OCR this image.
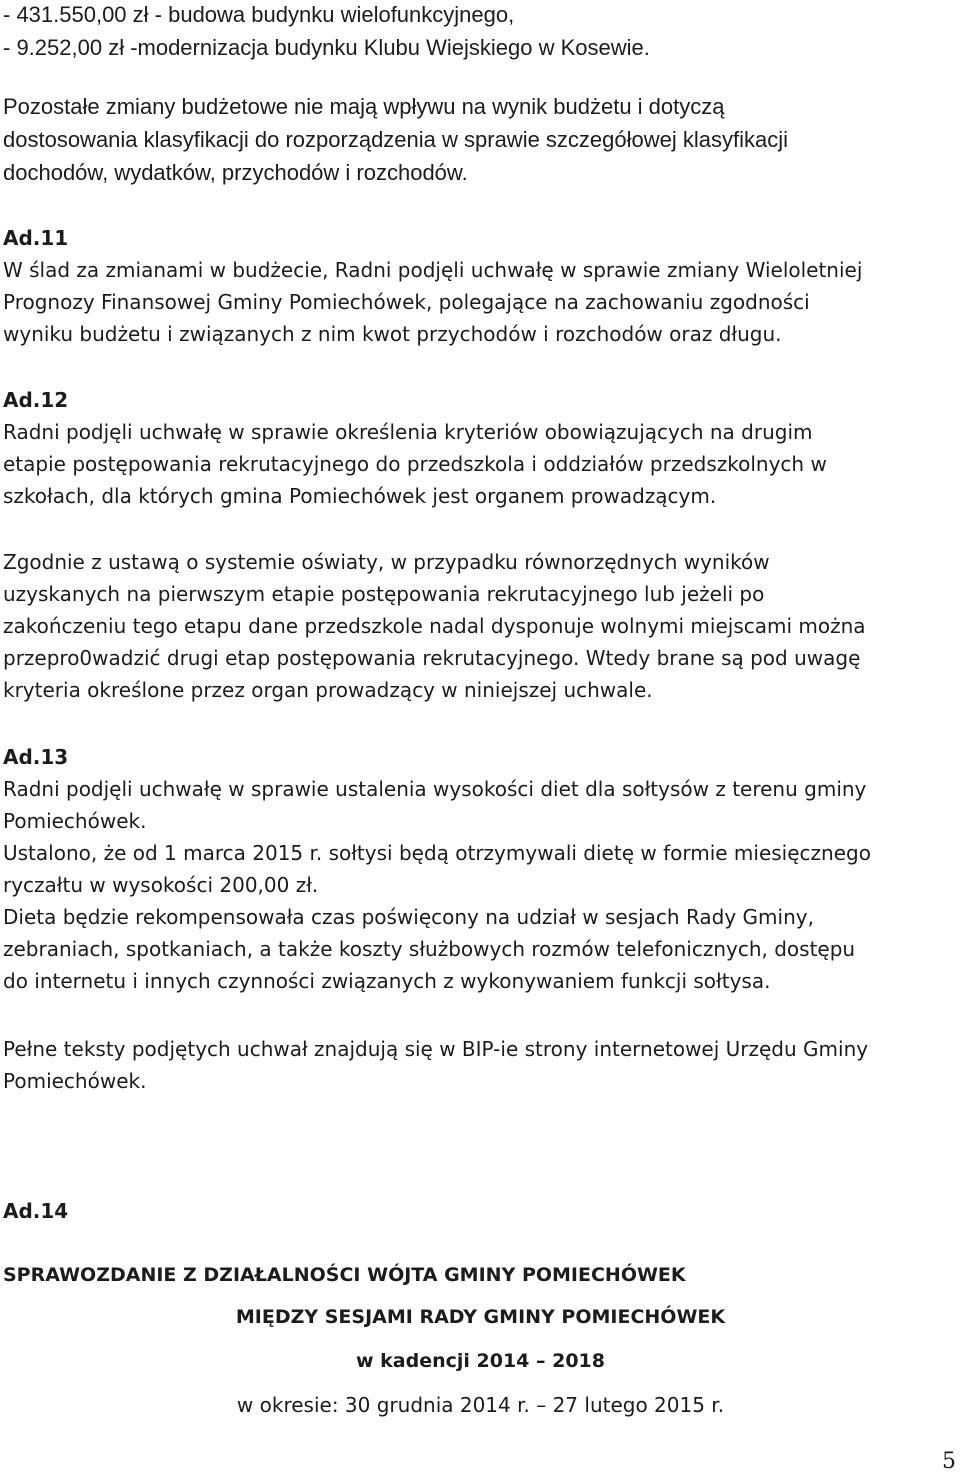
- 431.550,00 zł - budowa budynku wielofunkcyjnego,
- 9.252,00 zł -modernizacja budynku Klubu Wiejskiego w Kosewie.
Pozostałe zmiany budżetowe nie mają wpływu na wynik budżetu i dotyczą
dostosowania klasyfikacji do rozporządzenia w sprawie szczegółowej klasyfikacji
dochodów, wydatków, przychodów i rozchodów.
Ad.11
W ślad za zmianami w budżecie, Radni podjęli uchwałę w sprawie zmiany Wieloletniej
Prognozy Finansowej Gminy Pomiechówek, polegające na zachowaniu zgodności
wyniku budżetu i związanych z nim kwot przychodów i rozchodów oraz długu.
Ad.12
Radni podjęli uchwałę w sprawie określenia kryteriów obowiązujących na drugim
etapie postępowania rekrutacyjnego do przedszkola i oddziałów przedszkolnych w
szkołach, dla których gmina Pomiechówek jest organem prowadzącym.
Zgodnie z ustawą o systemie oświaty, w przypadku równorzędnych wyników
uzyskanych na pierwszym etapie postępowania rekrutacyjnego lub jeżeli po
zakończeniu tego etapu dane przedszkole nadal dysponuje wolnymi miejscami można
przepro0wadzić drugi etap postępowania rekrutacyjnego. Wtedy brane są pod uwagę
kryteria określone przez organ prowadzący w niniejszej uchwale.
Ad.13
Radni podjęli uchwałę w sprawie ustalenia wysokości diet dla sołtysów z terenu gminy
Pomiechówek.
Ustalono, że od 1 marca 2015 r. sołtysi będą otrzymywali dietę w formie miesięcznego
ryczałtu w wysokości 200,00 zł.
Dieta będzie rekompensowała czas poświęcony na udział w sesjach Rady Gminy,
zebraniach, spotkaniach, a także koszty służbowych rozmów telefonicznych, dostępu
do internetu i innych czynności związanych z wykonywaniem funkcji sołtysa.
Pełne teksty podjętych uchwał znajdują się w BIP-ie strony internetowej Urzędu Gminy
Pomiechówek.
Ad.14
SPRAWOZDANIE Z DZIAŁALNOŚCI WÓJTA GMINY POMIECHÓWEK
MIĘDZY SESJAMI RADY GMINY POMIECHÓWEK
w kadencji 2014 – 2018
w okresie: 30 grudnia 2014 r. – 27 lutego 2015 r.
5
